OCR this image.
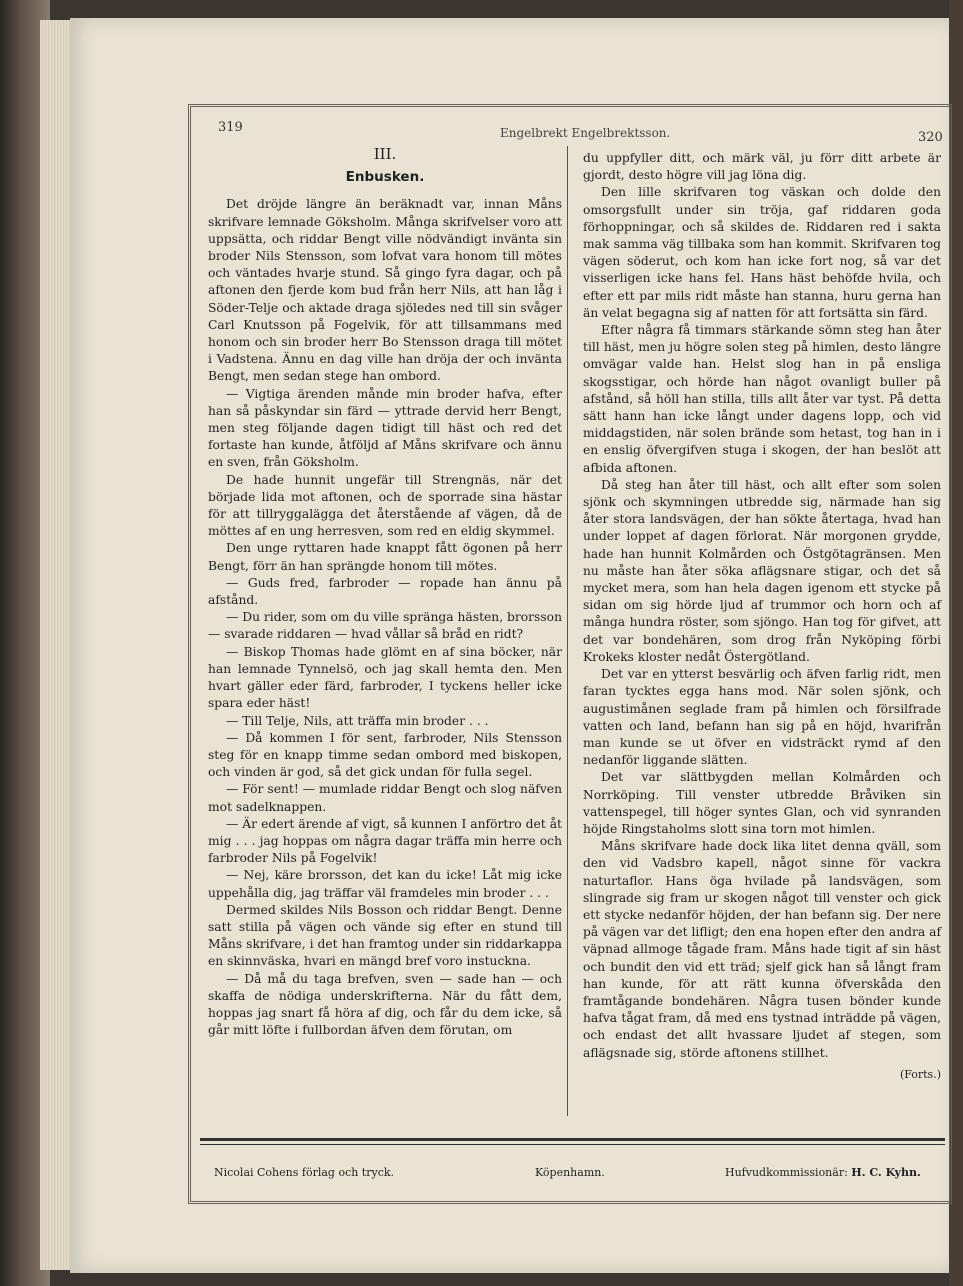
319	Engelbrekt Engelbrektsson.	320
III.
Enbusken.

Det dröjde längre än beräknadt var, innan Måns skrifvare lemnade Göksholm. Många skrifvelser voro att uppsätta, och riddar Bengt ville nödvändigt inväntа sin broder Nils Stensson, som lofvat vara honom till mötes och väntades hvarje stund. Så gingo fyra dagar, och på aftonen den fjerde kom bud från herr Nils, att han låg i Söder-Telje och aktade draga sjöledes ned till sin svåger Carl Knutsson på Fogelvik, för att tillsammans med honom och sin broder herr Bo Stensson draga till mötet i Vadstena. Ännu en dag ville han dröja der och inväntа Bengt, men sedan stege han ombord.

— Vigtiga ärenden månde min broder hafva, efter han så påskyndar sin färd — yttrade dervid herr Bengt, men steg följande dagen tidigt till häst och red det fortaste han kunde, åtföljd af Måns skrifvare och ännu en sven, från Göksholm.

De hade hunnit ungefär till Strengnäs, när det började lida mot aftonen, och de sporrade sina hästar för att tillryggalägga det återstående af vägen, då de möttes af en ung herresven, som red en eldig skymmel.

Den unge ryttaren hade knappt fått ögonen på herr Bengt, förr än han sprängde honom till mötes.

— Guds fred, farbroder — ropade han ännu på afstånd.

— Du rider, som om du ville spränga hästen, brorsson — svarade riddaren — hvad vållar så bråd en ridt?

— Biskop Thomas hade glömt en af sina böcker, när han lemnade Tynnelsö, och jag skall hemta den. Men hvart gäller eder färd, farbroder, I tyckens heller icke spara eder häst!

— Till Telje, Nils, att träffa min broder . . .

— Då kommen I för sent, farbroder, Nils Stensson steg för en knapp timme sedan ombord med biskopen, och vinden är god, så det gick undan för fulla segel.

— För sent! — mumlade riddar Bengt och slog näfven mot sadelknappen.

— Är edert ärende af vigt, så kunnen I anförtro det åt mig . . . jag hoppas om några dagar träffa min herre och farbroder Nils på Fogelvik!

— Nej, käre brorsson, det kan du icke! Låt mig icke uppehålla dig, jag träffar väl framdeles min broder . . .

Dermed skildes Nils Bosson och riddar Bengt. Denne satt stilla på vägen och vände sig efter en stund till Måns skrifvare, i det han framtog under sin riddarkappa en skinnväska, hvari en mängd bref voro instuckna.

— Då må du taga brefven, sven — sade han — och skaffa de nödiga underskrifterna. När du fått dem, hoppas jag snart få höra af dig, och får du dem icke, så går mitt löfte i fullbordan äfven dem förutan, om

du uppfyller ditt, och märk väl, ju förr ditt arbete är gjordt, desto högre vill jag löna dig.

Den lille skrifvaren tog väskan och dolde den omsorgsfullt under sin tröja, gaf riddaren goda förhoppningar, och så skildes de. Riddaren red i sakta mak samma väg tillbaka som han kommit. Skrifvaren tog vägen söderut, och kom han icke fort nog, så var det visserligen icke hans fel. Hans häst behöfde hvila, och efter ett par mils ridt måste han stanna, huru gerna han än velat begagna sig af natten för att fortsätta sin färd.

Efter några få timmars stärkande sömn steg han åter till häst, men ju högre solen steg på himlen, desto längre omvägar valde han. Helst slog han in på ensliga skogsstigar, och hörde han något ovanligt buller på afstånd, så höll han stilla, tills allt åter var tyst. På detta sätt hann han icke långt under dagens lopp, och vid middagstiden, när solen brände som hetast, tog han in i en enslig öfvergifven stuga i skogen, der han beslöt att afbida aftonen.

Då steg han åter till häst, och allt efter som solen sjönk och skymningen utbredde sig, närmade han sig åter stora landsvägen, der han sökte återtaga, hvad han under loppet af dagen förlorat. När morgonen grydde, hade han hunnit Kolmården och Östgötagränsen. Men nu måste han åter söka aflägsnare stigar, och det så mycket mera, som han hela dagen igenom ett stycke på sidan om sig hörde ljud af trummor och horn och af många hundra röster, som sjöngo. Han tog för gifvet, att det var bondehären, som drog från Nyköping förbi Krokeks kloster nedåt Östergötland.

Det var en ytterst besvärlig och äfven farlig ridt, men faran tycktes egga hans mod. När solen sjönk, och augustimånen seglade fram på himlen och försilfrade vatten och land, befann han sig på en höjd, hvarifrån man kunde se ut öfver en vidsträckt rymd af den nedanför liggande slätten.

Det var slättbygden mellan Kolmården och Norrköping. Till venster utbredde Bråviken sin vattenspegel, till höger syntes Glan, och vid synranden höjde Ringstaholms slott sina torn mot himlen.

Måns skrifvare hade dock lika litet denna qväll, som den vid Vadsbro kapell, något sinne för vackra naturtaflor. Hans öga hvilade på landsvägen, som slingrade sig fram ur skogen något till venster och gick ett stycke nedanför höjden, der han befann sig. Der nere på vägen var det lifligt; den ena hopen efter den andra af väpnad allmoge tågade fram. Måns hade tigit af sin häst och bundit den vid ett träd; sjelf gick han så långt fram han kunde, för att rätt kunna öfverskåda den framtågande bondehären. Några tusen bönder kunde hafva tågat fram, då med ens tystnad inträdde på vägen, och endast det allt hvassare ljudet af stegen, som aflägsnade sig, störde aftonens stillhet.

(Forts.)
Nicolai Cohens förlag och tryck.	Köpenhamn.	Hufvudkommissionär: H. C. Kyhn.
